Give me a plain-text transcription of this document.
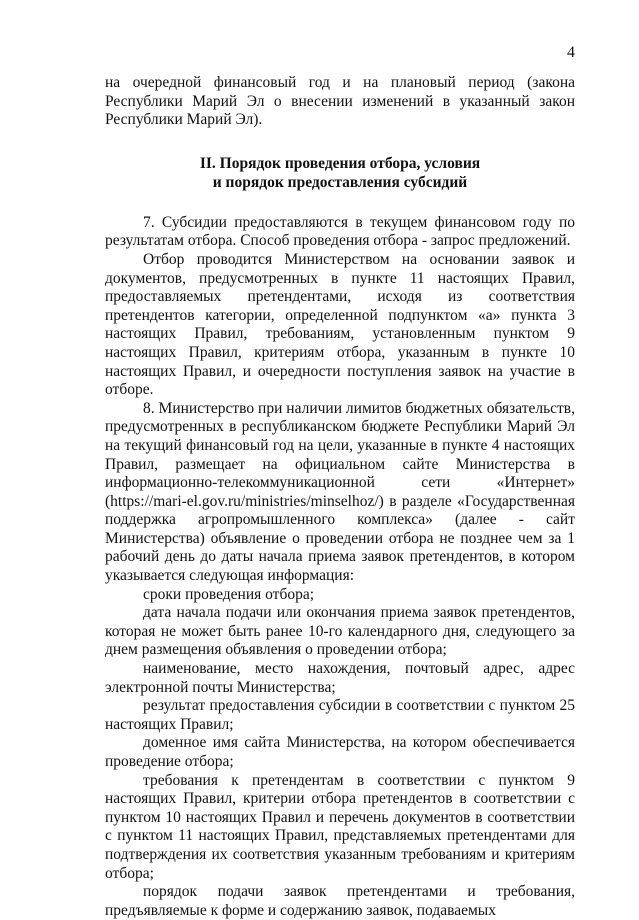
4

на очередной финансовый год и на плановый период (закона Республики Марий Эл о внесении изменений в указанный закон Республики Марий Эл).

II. Порядок проведения отбора, условия
и порядок предоставления субсидий

7. Субсидии предоставляются в текущем финансовом году по результатам отбора. Способ проведения отбора - запрос предложений.

Отбор проводится Министерством на основании заявок и документов, предусмотренных в пункте 11 настоящих Правил, предоставляемых претендентами, исходя из соответствия претендентов категории, определенной подпунктом «а» пункта 3 настоящих Правил, требованиям, установленным пунктом 9 настоящих Правил, критериям отбора, указанным в пункте 10 настоящих Правил, и очередности поступления заявок на участие в отборе.

8. Министерство при наличии лимитов бюджетных обязательств, предусмотренных в республиканском бюджете Республики Марий Эл на текущий финансовый год на цели, указанные в пункте 4 настоящих Правил, размещает на официальном сайте Министерства в информационно-телекоммуникационной сети «Интернет» (https://mari-el.gov.ru/ministries/minselhoz/) в разделе «Государственная поддержка агропромышленного комплекса» (далее - сайт Министерства) объявление о проведении отбора не позднее чем за 1 рабочий день до даты начала приема заявок претендентов, в котором указывается следующая информация:

сроки проведения отбора;

дата начала подачи или окончания приема заявок претендентов, которая не может быть ранее 10-го календарного дня, следующего за днем размещения объявления о проведении отбора;

наименование, место нахождения, почтовый адрес, адрес электронной почты Министерства;

результат предоставления субсидии в соответствии с пунктом 25 настоящих Правил;

доменное имя сайта Министерства, на котором обеспечивается проведение отбора;

требования к претендентам в соответствии с пунктом 9 настоящих Правил, критерии отбора претендентов в соответствии с пунктом 10 настоящих Правил и перечень документов в соответствии с пунктом 11 настоящих Правил, представляемых претендентами для подтверждения их соответствия указанным требованиям и критериям отбора;

порядок подачи заявок претендентами и требования, предъявляемые к форме и содержанию заявок, подаваемых
